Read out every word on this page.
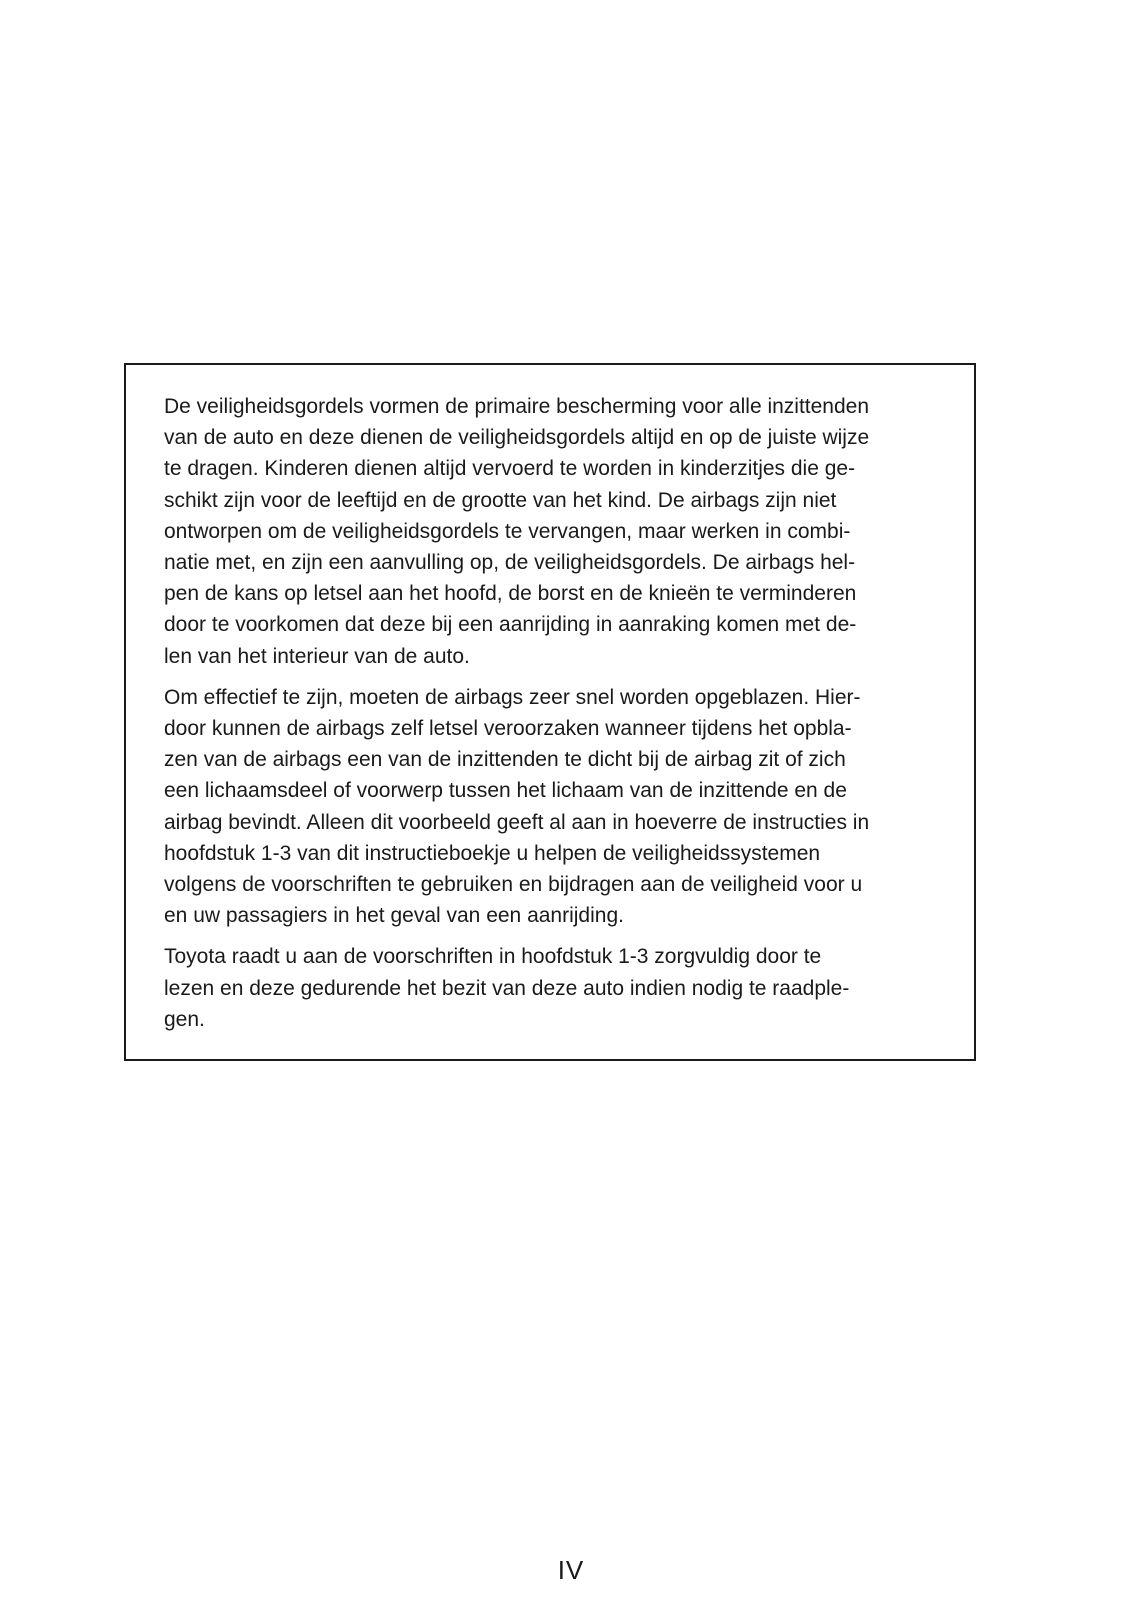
De veiligheidsgordels vormen de primaire bescherming voor alle inzittenden
van de auto en deze dienen de veiligheidsgordels altijd en op de juiste wijze
te dragen. Kinderen dienen altijd vervoerd te worden in kinderzitjes die ge-
schikt zijn voor de leeftijd en de grootte van het kind. De airbags zijn niet
ontworpen om de veiligheidsgordels te vervangen, maar werken in combi-
natie met, en zijn een aanvulling op, de veiligheidsgordels. De airbags hel-
pen de kans op letsel aan het hoofd, de borst en de knieën te verminderen
door te voorkomen dat deze bij een aanrijding in aanraking komen met de-
len van het interieur van de auto.

Om effectief te zijn, moeten de airbags zeer snel worden opgeblazen. Hier-
door kunnen de airbags zelf letsel veroorzaken wanneer tijdens het opbla-
zen van de airbags een van de inzittenden te dicht bij de airbag zit of zich
een lichaamsdeel of voorwerp tussen het lichaam van de inzittende en de
airbag bevindt. Alleen dit voorbeeld geeft al aan in hoeverre de instructies in
hoofdstuk 1-3 van dit instructieboekje u helpen de veiligheidssystemen
volgens de voorschriften te gebruiken en bijdragen aan de veiligheid voor u
en uw passagiers in het geval van een aanrijding.

Toyota raadt u aan de voorschriften in hoofdstuk 1-3 zorgvuldig door te
lezen en deze gedurende het bezit van deze auto indien nodig te raadple-
gen.

IV
